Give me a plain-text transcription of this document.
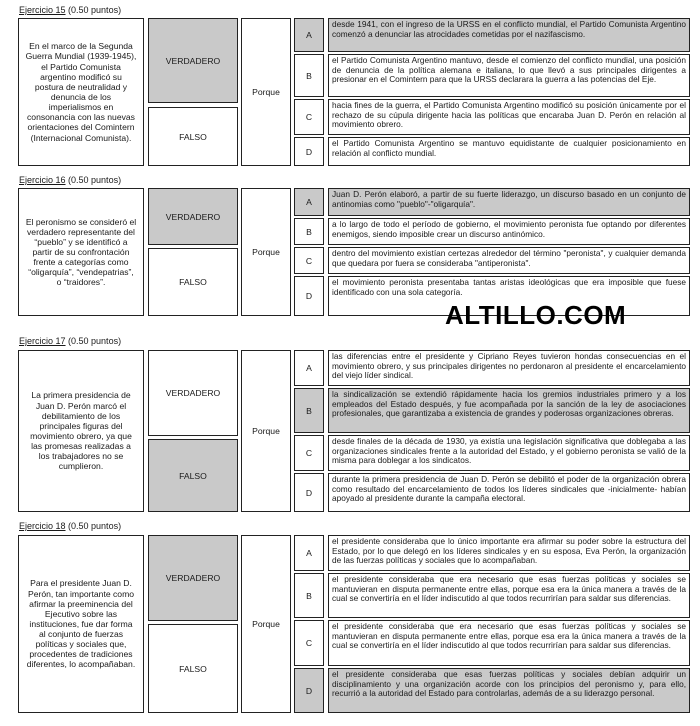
Ejercicio 15 (0.50 puntos)
En el marco de la Segunda Guerra Mundial (1939-1945), el Partido Comunista argentino modificó su postura de neutralidad y denuncia de los imperialismos en consonancia con las nuevas orientaciones del Comintern (Internacional Comunista).
VERDADERO
FALSO
Porque
A
desde 1941, con el ingreso de la URSS en el conflicto mundial, el Partido Comunista Argentino comenzó a denunciar las atrocidades cometidas por el nazifascismo.
B
el Partido Comunista Argentino mantuvo, desde el comienzo del conflicto mundial, una posición de denuncia de la política alemana e italiana, lo que llevó a sus principales dirigentes a presionar en el Comintern para que la URSS declarara la guerra a las potencias del Eje.
C
hacia fines de la guerra, el Partido Comunista Argentino modificó su posición únicamente por el rechazo de su cúpula dirigente hacia las políticas que encaraba Juan D. Perón en relación al movimiento obrero.
D
el Partido Comunista Argentino se mantuvo equidistante de cualquier posicionamiento en relación al conflicto mundial.
Ejercicio 16 (0.50 puntos)
El peronismo se consideró el verdadero representante del “pueblo” y se identificó a partir de su confrontación frente a categorías como “oligarquía”, “vendepatrias”, o “traidores”.
VERDADERO
FALSO
Porque
A
Juan D. Perón elaboró, a partir de su fuerte liderazgo, un discurso basado en un conjunto de antinomias como "pueblo"-"oligarquía".
B
a lo largo de todo el período de gobierno, el movimiento peronista fue optando por diferentes enemigos, siendo imposible crear un discurso antinómico.
C
dentro del movimiento existían certezas alrededor del término "peronista", y cualquier demanda que quedara por fuera se consideraba "antiperonista".
D
el movimiento peronista presentaba tantas aristas ideológicas que era imposible que fuese identificado con una sola categoría.
ALTILLO.COM
Ejercicio 17 (0.50 puntos)
La primera presidencia de Juan D. Perón marcó el debilitamiento de los principales figuras del movimiento obrero, ya que las promesas realizadas a los trabajadores no se cumplieron.
VERDADERO
FALSO
Porque
A
las diferencias entre el presidente y Cipriano Reyes tuvieron hondas consecuencias en el movimiento obrero, y sus principales dirigentes no perdonaron al presidente el encarcelamiento del viejo líder sindical.
B
la sindicalización se extendió rápidamente hacia los gremios industriales primero y a los empleados del Estado después, y fue acompañada por la sanción de la ley de asociaciones profesionales, que garantizaba a existencia de grandes y poderosas organizaciones obreras.
C
desde finales de la década de 1930, ya existía una legislación significativa que doblegaba a las organizaciones sindicales frente a la autoridad del Estado, y el gobierno peronista se valió de la misma para doblegar a los sindicatos.
D
durante la primera presidencia de Juan D. Perón se debilitó el poder de la organización obrera como resultado del encarcelamiento de todos los líderes sindicales que -inicialmente- habían apoyado al presidente durante la campaña electoral.
Ejercicio 18 (0.50 puntos)
Para el presidente Juan D. Perón, tan importante como afirmar la preeminencia del Ejecutivo sobre las instituciones, fue dar forma al conjunto de fuerzas políticas y sociales que, procedentes de tradiciones diferentes, lo acompañaban.
VERDADERO
FALSO
Porque
A
el presidente consideraba que lo único importante era afirmar su poder sobre la estructura del Estado, por lo que delegó en los líderes sindicales y en su esposa, Eva Perón, la organización de las fuerzas políticas y sociales que lo acompañaban.
B
el presidente consideraba que era necesario que esas fuerzas políticas y sociales se mantuvieran en disputa permanente entre ellas, porque esa era la única manera a través de la cual se convertiría en el líder indiscutido al que todos recurrirían para saldar sus diferencias.
C
el presidente consideraba que era necesario que esas fuerzas políticas y sociales se mantuvieran en disputa permanente entre ellas, porque esa era la única manera a través de la cual se convertiría en el líder indiscutido al que todos recurrirían para saldar sus diferencias.
D
el presidente consideraba que esas fuerzas políticas y sociales debían adquirir un disciplinamiento y una organización acorde con los principios del peronismo y, para ello, recurrió a la autoridad del Estado para controlarlas, además de a su liderazgo personal.
